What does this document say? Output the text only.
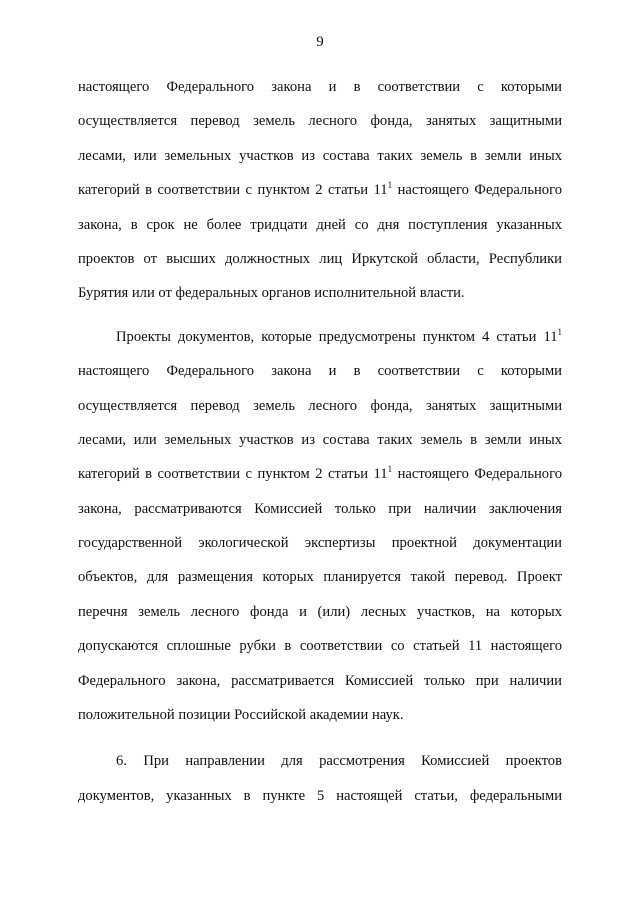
9
настоящего Федерального закона и в соответствии с которыми
осуществляется перевод земель лесного фонда, занятых защитными
лесами, или земельных участков из состава таких земель в земли иных
категорий в соответствии с пунктом 2 статьи $11^1$ настоящего Федерального
закона, в срок не более тридцати дней со дня поступления указанных
проектов от высших должностных лиц Иркутской области, Республики
Бурятия или от федеральных органов исполнительной власти.
Проекты документов, которые предусмотрены пунктом 4 статьи $11^1$
настоящего Федерального закона и в соответствии с которыми
осуществляется перевод земель лесного фонда, занятых защитными
лесами, или земельных участков из состава таких земель в земли иных
категорий в соответствии с пунктом 2 статьи $11^1$ настоящего Федерального
закона, рассматриваются Комиссией только при наличии заключения
государственной экологической экспертизы проектной документации
объектов, для размещения которых планируется такой перевод. Проект
перечня земель лесного фонда и (или) лесных участков, на которых
допускаются сплошные рубки в соответствии со статьей 11 настоящего
Федерального закона, рассматривается Комиссией только при наличии
положительной позиции Российской академии наук.
6. При направлении для рассмотрения Комиссией проектов
документов, указанных в пункте 5 настоящей статьи, федеральными
